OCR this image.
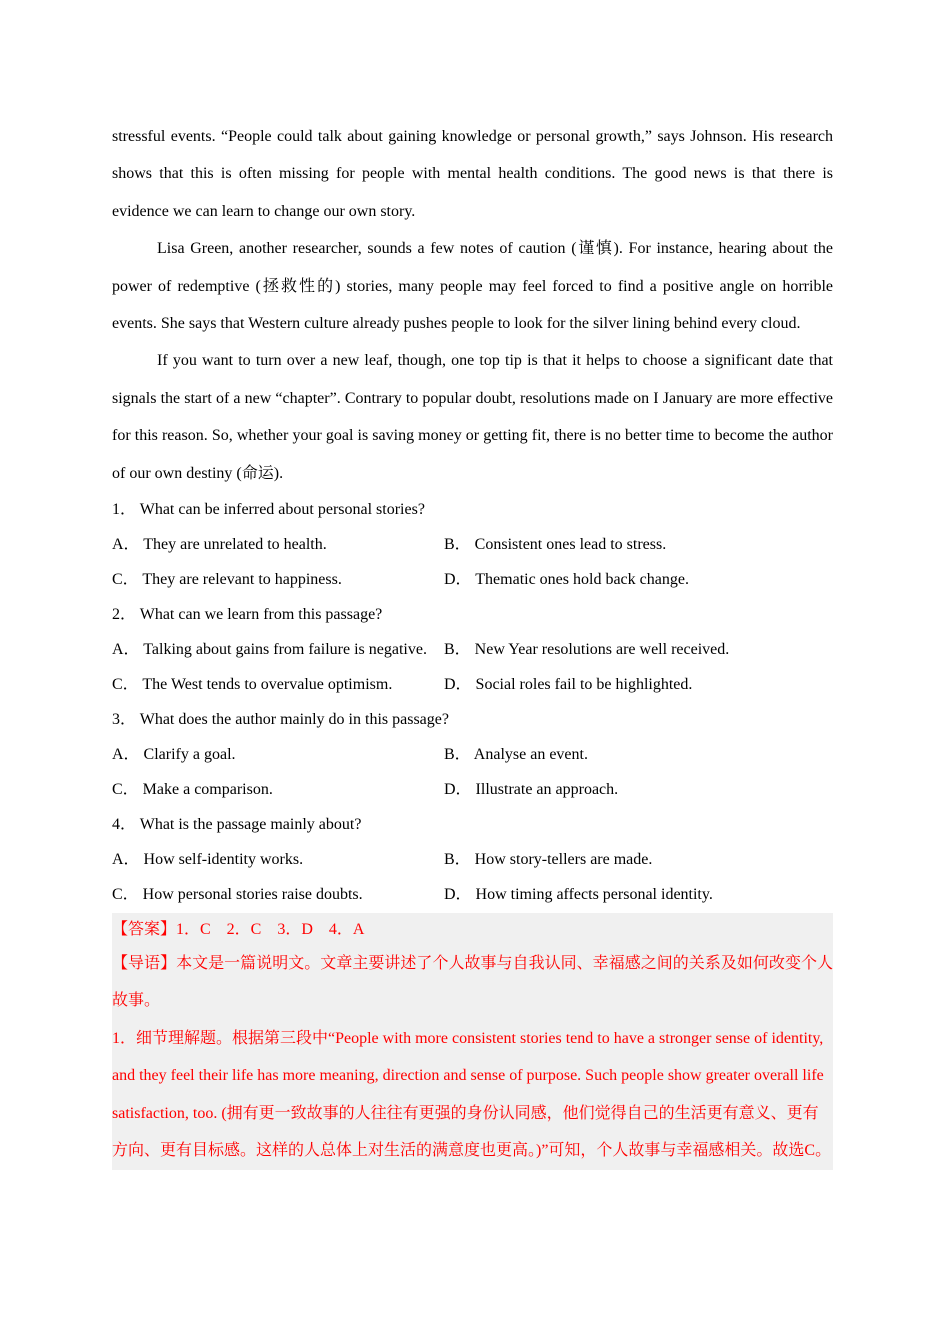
stressful events. “People could talk about gaining knowledge or personal growth,” says Johnson. His research shows that this is often missing for people with mental health conditions. The good news is that there is evidence we can learn to change our own story.

Lisa Green, another researcher, sounds a few notes of caution (谨慎). For instance, hearing about the power of redemptive (拯救性的) stories, many people may feel forced to find a positive angle on horrible events. She says that Western culture already pushes people to look for the silver lining behind every cloud.

If you want to turn over a new leaf, though, one top tip is that it helps to choose a significant date that signals the start of a new “chapter”. Contrary to popular doubt, resolutions made on I January are more effective for this reason. So, whether your goal is saving money or getting fit, there is no better time to become the author of our own destiny (命运).

1． What can be inferred about personal stories?

A． They are unrelated to health.	B． Consistent ones lead to stress.
C． They are relevant to happiness.	D． Thematic ones hold back change.

2． What can we learn from this passage?

A． Talking about gains from failure is negative.	B． New Year resolutions are well received.
C． The West tends to overvalue optimism.	D． Social roles fail to be highlighted.

3． What does the author mainly do in this passage?

A． Clarify a goal.	B． Analyse an event.
C． Make a comparison.	D． Illustrate an approach.

4． What is the passage mainly about?

A． How self-identity works.	B． How story-tellers are made.
C． How personal stories raise doubts.	D． How timing affects personal identity.

【答案】1．C　2．C　3．D　4．A

【导语】本文是一篇说明文。文章主要讲述了个人故事与自我认同、幸福感之间的关系及如何改变个人故事。

1．细节理解题。根据第三段中“People with more consistent stories tend to have a stronger sense of identity, and they feel their life has more meaning, direction and sense of purpose. Such people show greater overall life satisfaction, too. (拥有更一致故事的人往往有更强的身份认同感，他们觉得自己的生活更有意义、更有方向、更有目标感。这样的人总体上对生活的满意度也更高。)”可知，个人故事与幸福感相关。故选C。
